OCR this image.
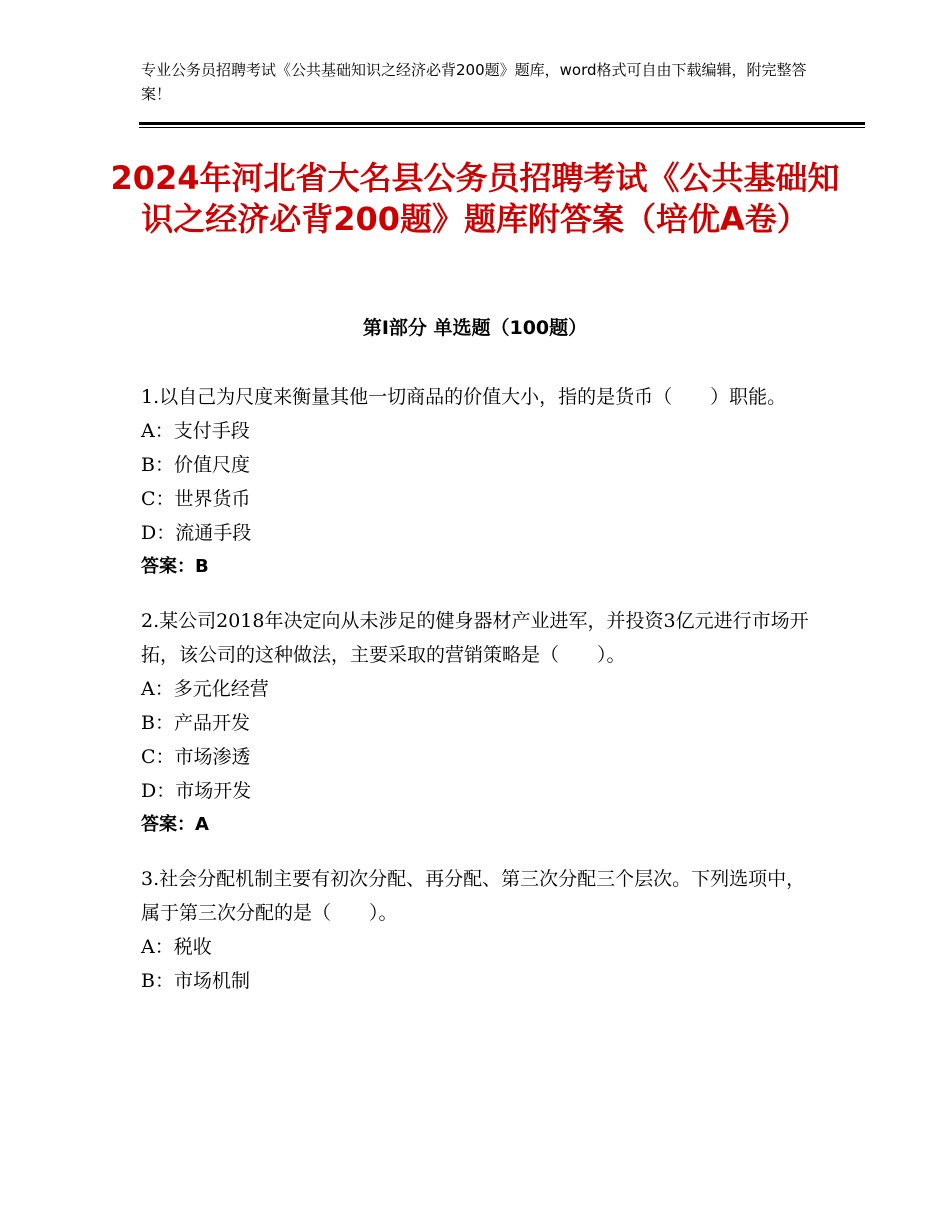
专业公务员招聘考试《公共基础知识之经济必背200题》题库，word格式可自由下载编辑，附完整答案！
2024年河北省大名县公务员招聘考试《公共基础知识之经济必背200题》题库附答案（培优A卷）
第Ⅰ部分 单选题（100题）
1.以自己为尺度来衡量其他一切商品的价值大小，指的是货币（　　）职能。
A：支付手段
B：价值尺度
C：世界货币
D：流通手段
答案：B
2.某公司2018年决定向从未涉足的健身器材产业进军，并投资3亿元进行市场开拓，该公司的这种做法，主要采取的营销策略是（　　）。
A：多元化经营
B：产品开发
C：市场渗透
D：市场开发
答案：A
3.社会分配机制主要有初次分配、再分配、第三次分配三个层次。下列选项中，属于第三次分配的是（　　）。
A：税收
B：市场机制
